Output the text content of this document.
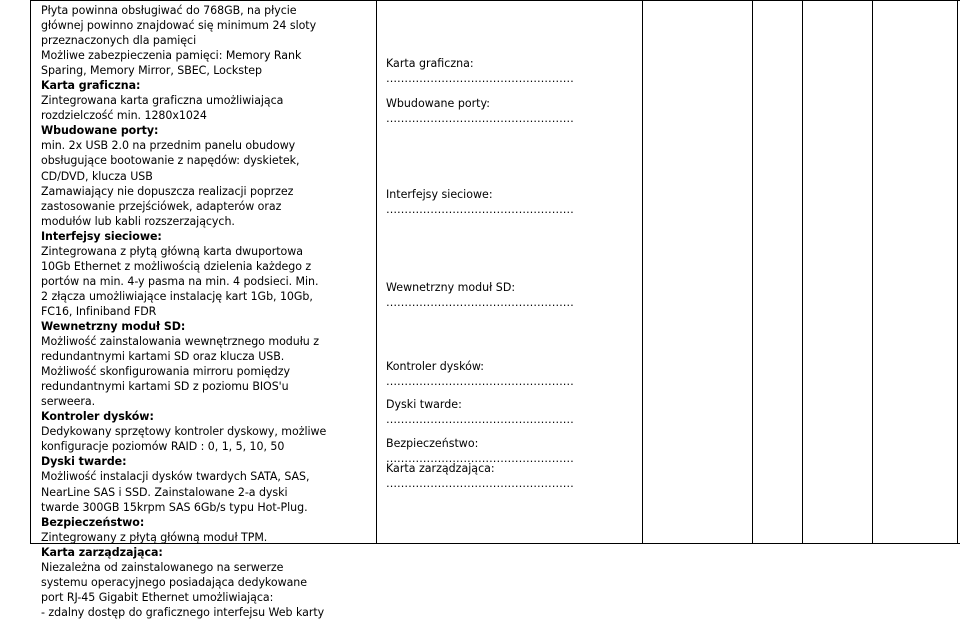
Płyta powinna obsługiwać do 768GB, na płycie

głównej powinno znajdować się minimum 24 sloty

przeznaczonych dla pamięci

Możliwe zabezpieczenia pamięci: Memory Rank

Sparing, Memory Mirror, SBEC, Lockstep

Karta graficzna:

Zintegrowana karta graficzna umożliwiająca

rozdzielczość min. 1280x1024

Wbudowane porty:

min. 2x USB 2.0 na przednim panelu obudowy

obsługujące bootowanie z napędów: dyskietek,

CD/DVD, klucza USB

Zamawiający nie dopuszcza realizacji poprzez

zastosowanie przejściówek, adapterów oraz

modułów lub kabli rozszerzających.

Interfejsy sieciowe:

Zintegrowana z płytą główną karta dwuportowa

10Gb Ethernet z możliwością dzielenia każdego z

portów na min. 4-y pasma na min. 4 podsieci. Min.

2 złącza umożliwiające instalację kart 1Gb, 10Gb,

FC16, Infiniband FDR

Wewnetrzny moduł SD:

Możliwość zainstalowania wewnętrznego modułu z

redundantnymi kartami SD oraz klucza USB.

Możliwość skonfigurowania mirroru pomiędzy

redundantnymi kartami SD z poziomu BIOS'u

serweera.

Kontroler dysków:

Dedykowany sprzętowy kontroler dyskowy, możliwe

konfiguracje poziomów RAID : 0, 1, 5, 10, 50

Dyski twarde:

Możliwość instalacji dysków twardych SATA, SAS,

NearLine SAS i SSD. Zainstalowane 2-a dyski

twarde 300GB 15krpm SAS 6Gb/s typu Hot-Plug.

Bezpieczeństwo:

Zintegrowany z płytą główną moduł TPM.

Karta zarządzająca:

Niezależna od zainstalowanego na serwerze

systemu operacyjnego posiadająca dedykowane

port RJ-45 Gigabit Ethernet umożliwiająca:

- zdalny dostęp do graficznego interfejsu Web karty

Karta graficzna:
……………………………………………
Wbudowane porty:
……………………………………………
Interfejsy sieciowe:
……………………………………………
Wewnetrzny moduł SD:
……………………………………………
Kontroler dysków:
……………………………………………
Dyski twarde:
……………………………………………
Bezpieczeństwo:
……………………………………………
Karta zarządzająca:
……………………………………………
